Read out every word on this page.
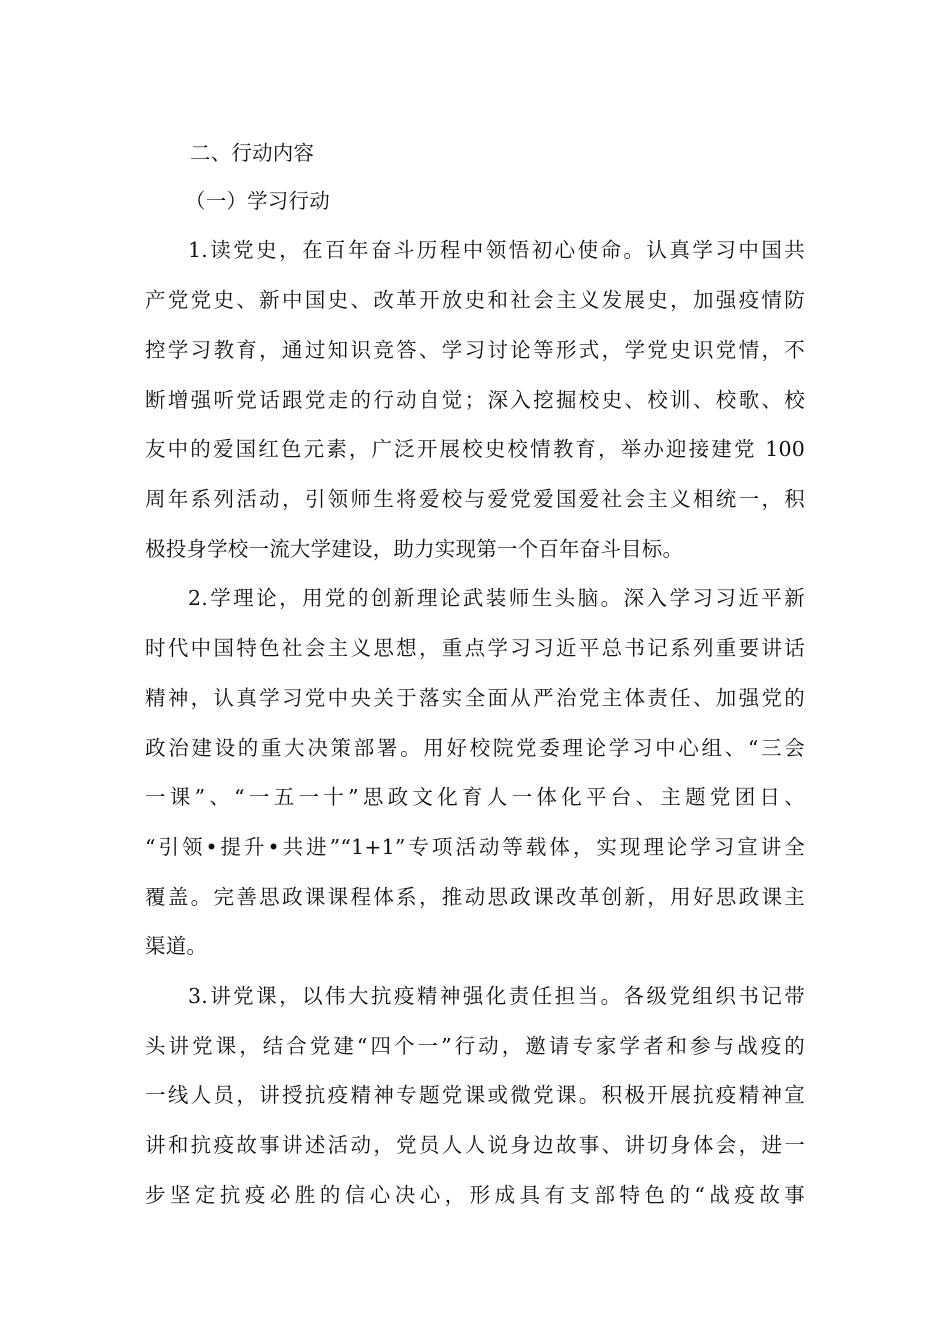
二、行动内容
（一）学习行动
1.读党史，在百年奋斗历程中领悟初心使命。认真学习中国共
产党党史、新中国史、改革开放史和社会主义发展史，加强疫情防
控学习教育，通过知识竞答、学习讨论等形式，学党史识党情，不
断增强听党话跟党走的行动自觉；深入挖掘校史、校训、校歌、校
友中的爱国红色元素，广泛开展校史校情教育，举办迎接建党 100
周年系列活动，引领师生将爱校与爱党爱国爱社会主义相统一，积
极投身学校一流大学建设，助力实现第一个百年奋斗目标。
2.学理论，用党的创新理论武装师生头脑。深入学习习近平新
时代中国特色社会主义思想，重点学习习近平总书记系列重要讲话
精神，认真学习党中央关于落实全面从严治党主体责任、加强党的
政治建设的重大决策部署。用好校院党委理论学习中心组、“三会
一课”、“一五一十”思政文化育人一体化平台、主题党团日、
“引领•提升•共进”“1+1”专项活动等载体，实现理论学习宣讲全
覆盖。完善思政课课程体系，推动思政课改革创新，用好思政课主
渠道。
3.讲党课，以伟大抗疫精神强化责任担当。各级党组织书记带
头讲党课，结合党建“四个一”行动，邀请专家学者和参与战疫的
一线人员，讲授抗疫精神专题党课或微党课。积极开展抗疫精神宣
讲和抗疫故事讲述活动，党员人人说身边故事、讲切身体会，进一
步坚定抗疫必胜的信心决心，形成具有支部特色的“战疫故事
